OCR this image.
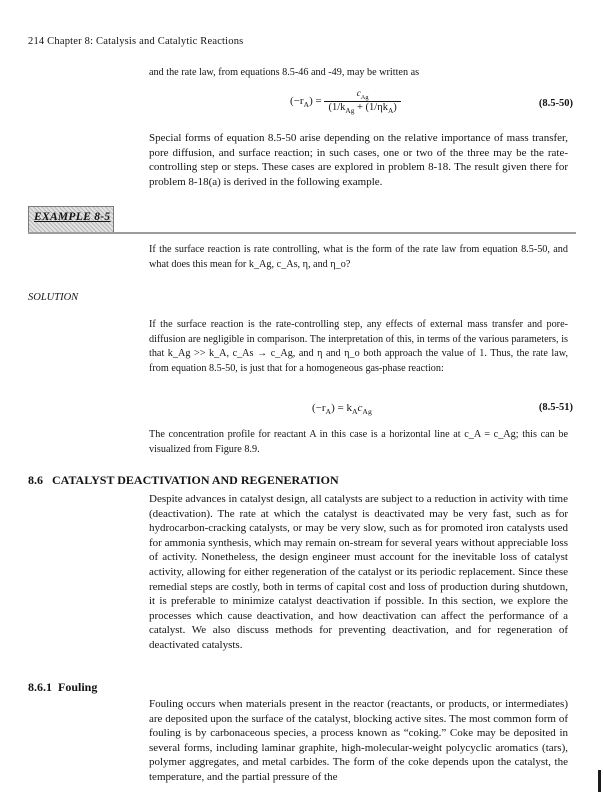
214 Chapter 8: Catalysis and Catalytic Reactions

and the rate law, from equations 8.5-46 and -49, may be written as

$(-r_A) = \frac{c_{Ag}}{(1/k_{Ag} + (1/\eta k_A)}$	(8.5-50)

Special forms of equation 8.5-50 arise depending on the relative importance of mass transfer, pore diffusion, and surface reaction; in such cases, one or two of the three may be the rate-controlling step or steps. These cases are explored in problem 8-18. The result given there for problem 8-18(a) is derived in the following example.

EXAMPLE 8-5

If the surface reaction is rate controlling, what is the form of the rate law from equation 8.5-50, and what does this mean for k_Ag, c_As, η, and η_o?

SOLUTION

If the surface reaction is the rate-controlling step, any effects of external mass transfer and pore-diffusion are negligible in comparison. The interpretation of this, in terms of the various parameters, is that k_Ag >> k_A, c_As → c_Ag, and η and η_o both approach the value of 1. Thus, the rate law, from equation 8.5-50, is just that for a homogeneous gas-phase reaction:

$(-r_A) = k_Ac_{Ag}$	(8.5-51)

The concentration profile for reactant A in this case is a horizontal line at c_A = c_Ag; this can be visualized from Figure 8.9.

8.6 CATALYST DEACTIVATION AND REGENERATION

Despite advances in catalyst design, all catalysts are subject to a reduction in activity with time (deactivation). The rate at which the catalyst is deactivated may be very fast, such as for hydrocarbon-cracking catalysts, or may be very slow, such as for promoted iron catalysts used for ammonia synthesis, which may remain on-stream for several years without appreciable loss of activity. Nonetheless, the design engineer must account for the inevitable loss of catalyst activity, allowing for either regeneration of the catalyst or its periodic replacement. Since these remedial steps are costly, both in terms of capital cost and loss of production during shutdown, it is preferable to minimize catalyst deactivation if possible. In this section, we explore the processes which cause deactivation, and how deactivation can affect the performance of a catalyst. We also discuss methods for preventing deactivation, and for regeneration of deactivated catalysts.

8.6.1 Fouling

Fouling occurs when materials present in the reactor (reactants, or products, or intermediates) are deposited upon the surface of the catalyst, blocking active sites. The most common form of fouling is by carbonaceous species, a process known as “coking.” Coke may be deposited in several forms, including laminar graphite, high-molecular-weight polycyclic aromatics (tars), polymer aggregates, and metal carbides. The form of the coke depends upon the catalyst, the temperature, and the partial pressure of the
